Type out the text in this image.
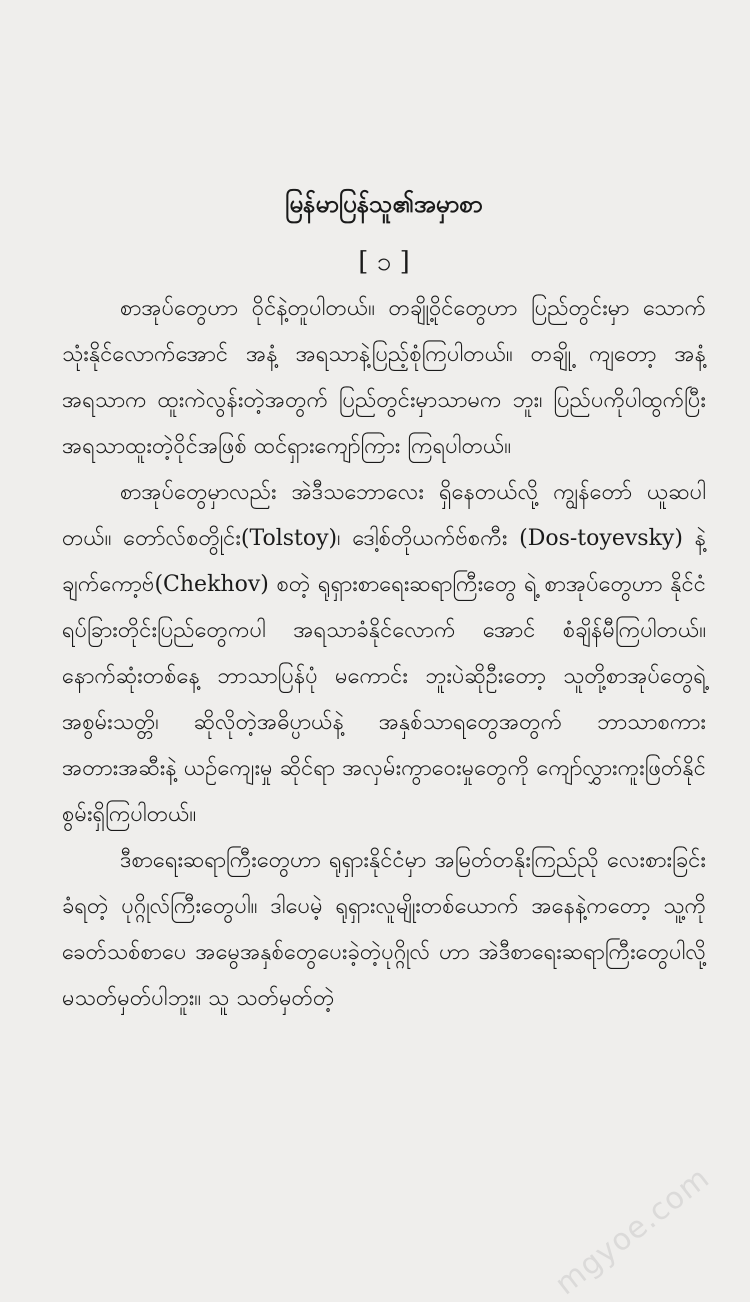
မြန်မာပြန်သူ၏အမှာစာ
[ ၁ ]

စာအုပ်တွေဟာ ဝိုင်နဲ့တူပါတယ်။ တချို့ဝိုင်တွေဟာ ပြည်တွင်းမှာ သောက်သုံးနိုင်လောက်အောင် အနံ့ အရသာနဲ့ပြည့်စုံကြပါတယ်။ တချို့ ကျတော့ အနံ့ အရသာက ထူးကဲလွန်းတဲ့အတွက် ပြည်တွင်းမှာသာမက ဘူး၊ ပြည်ပကိုပါထွက်ပြီး အရသာထူးတဲ့ဝိုင်အဖြစ် ထင်ရှားကျော်ကြား ကြရပါတယ်။

စာအုပ်တွေမှာလည်း အဲဒီသဘောလေး ရှိနေတယ်လို့ ကျွန်တော် ယူဆပါတယ်။ တော်လ်စတွိုင်း(Tolstoy)၊ ဒေါ့စ်တိုယက်ဗ်စကီး (Dos-toyevsky) နဲ့ ချက်ကော့ဗ်(Chekhov) စတဲ့ ရုရှားစာရေးဆရာကြီးတွေ ရဲ့ စာအုပ်တွေဟာ နိုင်ငံရပ်ခြားတိုင်းပြည်တွေကပါ အရသာခံနိုင်လောက် အောင် စံချိန်မီကြပါတယ်။ နောက်ဆုံးတစ်နေ့ ဘာသာပြန်ပုံ မကောင်း ဘူးပဲဆိုဦးတော့ သူတို့စာအုပ်တွေရဲ့ အစွမ်းသတ္တိ၊ ဆိုလိုတဲ့အဓိပ္ပာယ်နဲ့ အနှစ်သာရတွေအတွက် ဘာသာစကား အတားအဆီးနဲ့ ယဉ်ကျေးမှု ဆိုင်ရာ အလှမ်းကွာဝေးမှုတွေကို ကျော်လွှားကူးဖြတ်နိုင်စွမ်းရှိကြပါတယ်။

ဒီစာရေးဆရာကြီးတွေဟာ ရုရှားနိုင်ငံမှာ အမြတ်တနိုးကြည်ညို လေးစားခြင်းခံရတဲ့ ပုဂ္ဂိုလ်ကြီးတွေပါ။ ဒါပေမဲ့ ရုရှားလူမျိုးတစ်ယောက် အနေနဲ့ကတော့ သူ့ကို ခေတ်သစ်စာပေ အမွေအနှစ်တွေပေးခဲ့တဲ့ပုဂ္ဂိုလ် ဟာ အဲဒီစာရေးဆရာကြီးတွေပါလို့ မသတ်မှတ်ပါဘူး။ သူ သတ်မှတ်တဲ့

mgyoe.com
